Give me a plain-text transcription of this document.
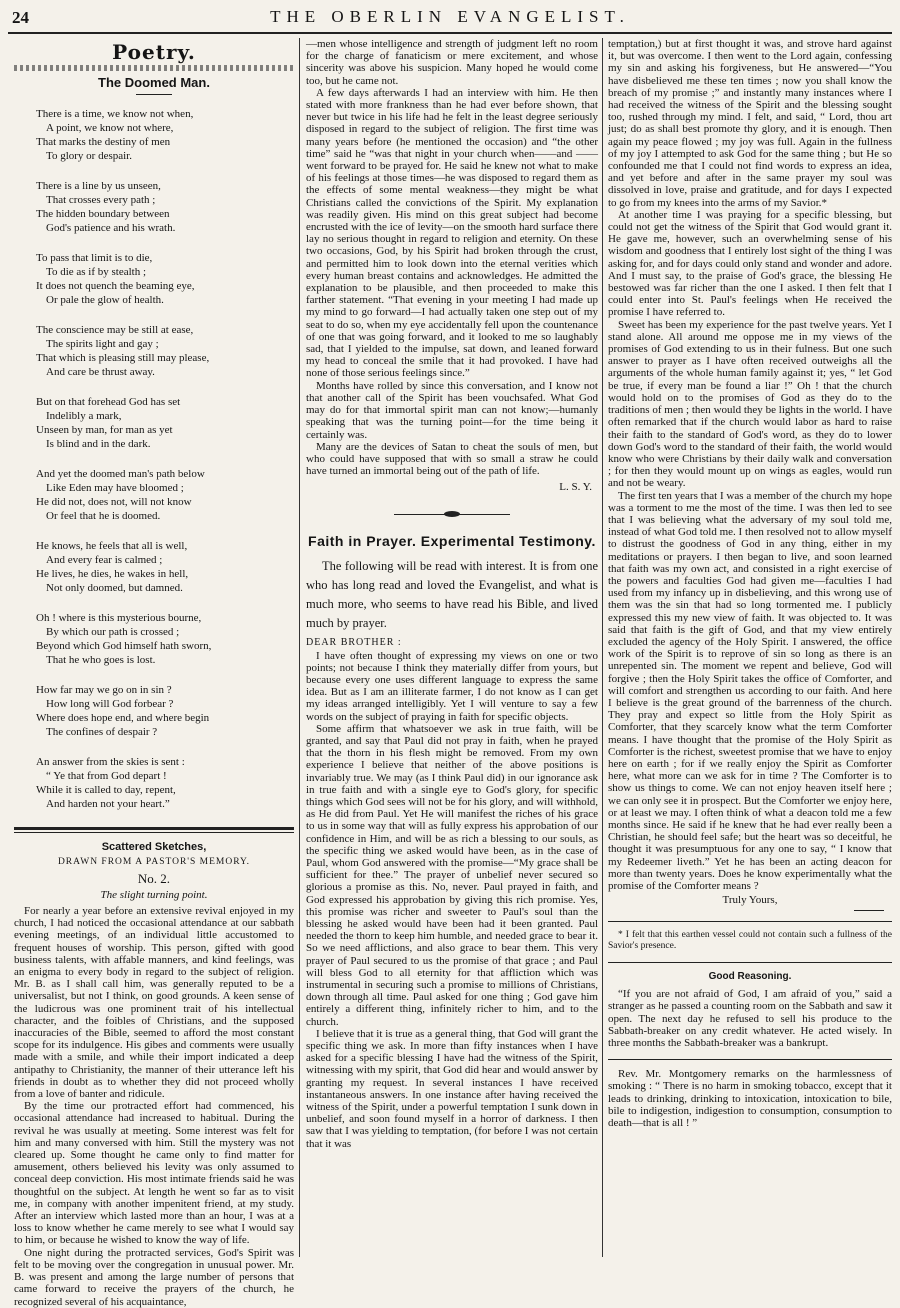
24	THE OBERLIN EVANGELIST.
Poetry.
The Doomed Man.
There is a time, we know not when,
A point, we know not where,
That marks the destiny of men
To glory or despair.
There is a line by us unseen,
That crosses every path ;
The hidden boundary between
God's patience and his wrath.
To pass that limit is to die,
To die as if by stealth ;
It does not quench the beaming eye,
Or pale the glow of health.
The conscience may be still at ease,
The spirits light and gay ;
That which is pleasing still may please,
And care be thrust away.
But on that forehead God has set
Indelibly a mark,
Unseen by man, for man as yet
Is blind and in the dark.
And yet the doomed man's path below
Like Eden may have bloomed ;
He did not, does not, will not know
Or feel that he is doomed.
He knows, he feels that all is well,
And every fear is calmed ;
He lives, he dies, he wakes in hell,
Not only doomed, but damned.
Oh ! where is this mysterious bourne,
By which our path is crossed ;
Beyond which God himself hath sworn,
That he who goes is lost.
How far may we go on in sin ?
How long will God forbear ?
Where does hope end, and where begin
The confines of despair ?
An answer from the skies is sent :
“ Ye that from God depart !
While it is called to day, repent,
And harden not your heart.”
Scattered Sketches,
DRAWN FROM A PASTOR'S MEMORY.
No. 2.
The slight turning point.

For nearly a year before an extensive revival enjoyed in my church, I had noticed the occasional attendance at our sabbath evening meetings, of an individual little accustomed to frequent houses of worship. This person, gifted with good business talents, with affable manners, and kind feelings, was an enigma to every body in regard to the subject of religion. Mr. B. as I shall call him, was generally reputed to be a universalist, but not I think, on good grounds. A keen sense of the ludicrous was one prominent trait of his intellectual character, and the foibles of Christians, and the supposed inaccuracies of the Bible, seemed to afford the most constant scope for its indulgence. His gibes and comments were usually made with a smile, and while their import indicated a deep antipathy to Christianity, the manner of their utterance left his friends in doubt as to whether they did not proceed wholly from a love of banter and ridicule.

By the time our protracted effort had commenced, his occasional attendance had increased to habitual. During the revival he was usually at meeting. Some interest was felt for him and many conversed with him. Still the mystery was not cleared up. Some thought he came only to find matter for amusement, others believed his levity was only assumed to conceal deep conviction. His most intimate friends said he was thoughtful on the subject. At length he went so far as to visit me, in company with another impenitent friend, at my study. After an interview which lasted more than an hour, I was at a loss to know whether he came merely to see what I would say to him, or because he wished to know the way of life.

One night during the protracted services, God's Spirit was felt to be moving over the congregation in unusual power. Mr. B. was present and among the large number of persons that came forward to receive the prayers of the church, he recognized several of his acquaintance,

—men whose intelligence and strength of judgment left no room for the charge of fanaticism or mere excitement, and whose sincerity was above his suspicion. Many hoped he would come too, but he came not.

A few days afterwards I had an interview with him. He then stated with more frankness than he had ever before shown, that never but twice in his life had he felt in the least degree seriously disposed in regard to the subject of religion. The first time was many years before (he mentioned the occasion) and “the other time” said he “was that night in your church when——and ——went forward to be prayed for. He said he knew not what to make of his feelings at those times—he was disposed to regard them as the effects of some mental weakness—they might be what Christians called the convictions of the Spirit. My explanation was readily given. His mind on this great subject had become encrusted with the ice of levity—on the smooth hard surface there lay no serious thought in regard to religion and eternity. On these two occasions, God, by his Spirit had broken through the crust, and permitted him to look down into the eternal verities which every human breast contains and acknowledges. He admitted the explanation to be plausible, and then proceeded to make this farther statement. “That evening in your meeting I had made up my mind to go forward—I had actually taken one step out of my seat to do so, when my eye accidentally fell upon the countenance of one that was going forward, and it looked to me so laughably sad, that I yielded to the impulse, sat down, and leaned forward my head to conceal the smile that it had provoked. I have had none of those serious feelings since.”

Months have rolled by since this conversation, and I know not that another call of the Spirit has been vouchsafed. What God may do for that immortal spirit man can not know;—humanly speaking that was the turning point—for the time being it certainly was.

Many are the devices of Satan to cheat the souls of men, but who could have supposed that with so small a straw he could have turned an immortal being out of the path of life.

L. S. Y.
Faith in Prayer. Experimental Testimony.

The following will be read with interest. It is from one who has long read and loved the Evangelist, and what is much more, who seems to have read his Bible, and lived much by prayer.

DEAR BROTHER :

I have often thought of expressing my views on one or two points; not because I think they materially differ from yours, but because every one uses different language to express the same idea. But as I am an illiterate farmer, I do not know as I can get my ideas arranged intelligibly. Yet I will venture to say a few words on the subject of praying in faith for specific objects.

Some affirm that whatsoever we ask in true faith, will be granted, and say that Paul did not pray in faith, when he prayed that the thorn in his flesh might be removed. From my own experience I believe that neither of the above positions is invariably true. We may (as I think Paul did) in our ignorance ask in true faith and with a single eye to God's glory, for specific things which God sees will not be for his glory, and will withhold, as He did from Paul. Yet He will manifest the riches of his grace to us in some way that will as fully express his approbation of our confidence in Him, and will be as rich a blessing to our souls, as the specific thing we asked would have been, as in the case of Paul, whom God answered with the promise—“My grace shall be sufficient for thee.” The prayer of unbelief never secured so glorious a promise as this. No, never. Paul prayed in faith, and God expressed his approbation by giving this rich promise. Yes, this promise was richer and sweeter to Paul's soul than the blessing he asked would have been had it been granted. Paul needed the thorn to keep him humble, and needed grace to bear it. So we need afflictions, and also grace to bear them. This very prayer of Paul secured to us the promise of that grace ; and Paul will bless God to all eternity for that affliction which was instrumental in securing such a promise to millions of Christians, down through all time. Paul asked for one thing ; God gave him entirely a different thing, infinitely richer to him, and to the church.

I believe that it is true as a general thing, that God will grant the specific thing we ask. In more than fifty instances when I have asked for a specific blessing I have had the witness of the Spirit, witnessing with my spirit, that God did hear and would answer by granting my request. In several instances I have received instantaneous answers. In one instance after having received the witness of the Spirit, under a powerful temptation I sunk down in unbelief, and soon found myself in a horror of darkness. I then saw that I was yielding to temptation, (for before I was not certain that it was

temptation,) but at first thought it was, and strove hard against it, but was overcome. I then went to the Lord again, confessing my sin and asking his forgiveness, but He answered—“You have disbelieved me these ten times ; now you shall know the breach of my promise ;” and instantly many instances where I had received the witness of the Spirit and the blessing sought too, rushed through my mind. I felt, and said, “ Lord, thou art just; do as shall best promote thy glory, and it is enough. Then again my peace flowed ; my joy was full. Again in the fullness of my joy I attempted to ask God for the same thing ; but He so confounded me that I could not find words to express an idea, and yet before and after in the same prayer my soul was dissolved in love, praise and gratitude, and for days I expected to go from my knees into the arms of my Savior.*

At another time I was praying for a specific blessing, but could not get the witness of the Spirit that God would grant it. He gave me, however, such an overwhelming sense of his wisdom and goodness that I entirely lost sight of the thing I was asking for, and for days could only stand and wonder and adore. And I must say, to the praise of God's grace, the blessing He bestowed was far richer than the one I asked. I then felt that I could enter into St. Paul's feelings when He received the promise I have referred to.

Sweet has been my experience for the past twelve years. Yet I stand alone. All around me oppose me in my views of the promises of God extending to us in their fulness. But one such answer to prayer as I have often received outweighs all the arguments of the whole human family against it; yes, “ let God be true, if every man be found a liar !” Oh ! that the church would hold on to the promises of God as they do to the traditions of men ; then would they be lights in the world. I have often remarked that if the church would labor as hard to raise their faith to the standard of God's word, as they do to lower down God's word to the standard of their faith, the world would know who were Christians by their daily walk and conversation ; for then they would mount up on wings as eagles, would run and not be weary.

The first ten years that I was a member of the church my hope was a torment to me the most of the time. I was then led to see that I was believing what the adversary of my soul told me, instead of what God told me. I then resolved not to allow myself to distrust the goodness of God in any thing, either in my meditations or prayers. I then began to live, and soon learned that faith was my own act, and consisted in a right exercise of the powers and faculties God had given me—faculties I had used from my infancy up in disbelieving, and this wrong use of them was the sin that had so long tormented me. I publicly expressed this my new view of faith. It was objected to. It was said that faith is the gift of God, and that my view entirely excluded the agency of the Holy Spirit. I answered, the office work of the Spirit is to reprove of sin so long as there is an unrepented sin. The moment we repent and believe, God will forgive ; then the Holy Spirit takes the office of Comforter, and will comfort and strengthen us according to our faith. And here I believe is the great ground of the barrenness of the church. They pray and expect so little from the Holy Spirit as Comforter, that they scarcely know what the term Comforter means. I have thought that the promise of the Holy Spirit as Comforter is the richest, sweetest promise that we have to enjoy here on earth ; for if we really enjoy the Spirit as Comforter here, what more can we ask for in time ? The Comforter is to show us things to come. We can not enjoy heaven itself here ; we can only see it in prospect. But the Comforter we enjoy here, or at least we may. I often think of what a deacon told me a few months since. He said if he knew that he had ever really been a Christian, he should feel safe; but the heart was so deceitful, he thought it was presumptuous for any one to say, “ I know that my Redeemer liveth.” Yet he has been an acting deacon for more than twenty years. Does he know experimentally what the promise of the Comforter means ?

Truly Yours,

* I felt that this earthen vessel could not contain such a fullness of the Savior's presence.

Good Reasoning.

“If you are not afraid of God, I am afraid of you,” said a stranger as he passed a counting room on the Sabbath and saw it open. The next day he refused to sell his produce to the Sabbath-breaker on any credit whatever. He acted wisely. In three months the Sabbath-breaker was a bankrupt.

Rev. Mr. Montgomery remarks on the harmlessness of smoking : “ There is no harm in smoking tobacco, except that it leads to drinking, drinking to intoxication, intoxication to bile, bile to indigestion, indigestion to consumption, consumption to death—that is all ! ”
